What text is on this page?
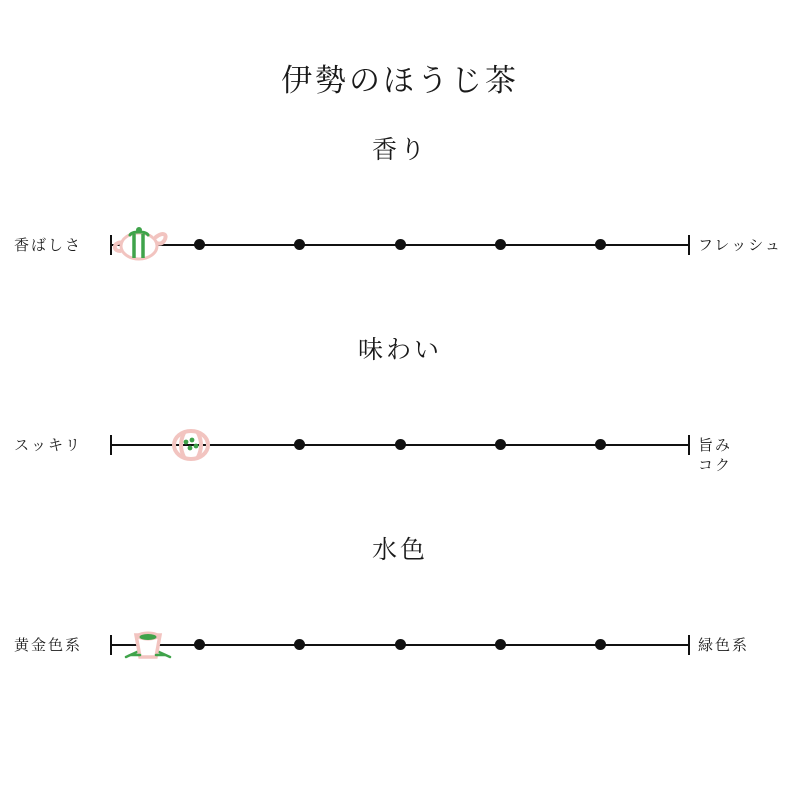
伊勢のほうじ茶
香り
香ばしさ
味わい
スッキリ	旨み
コク
水色
黄金色系	緑色系
フレッシュ
